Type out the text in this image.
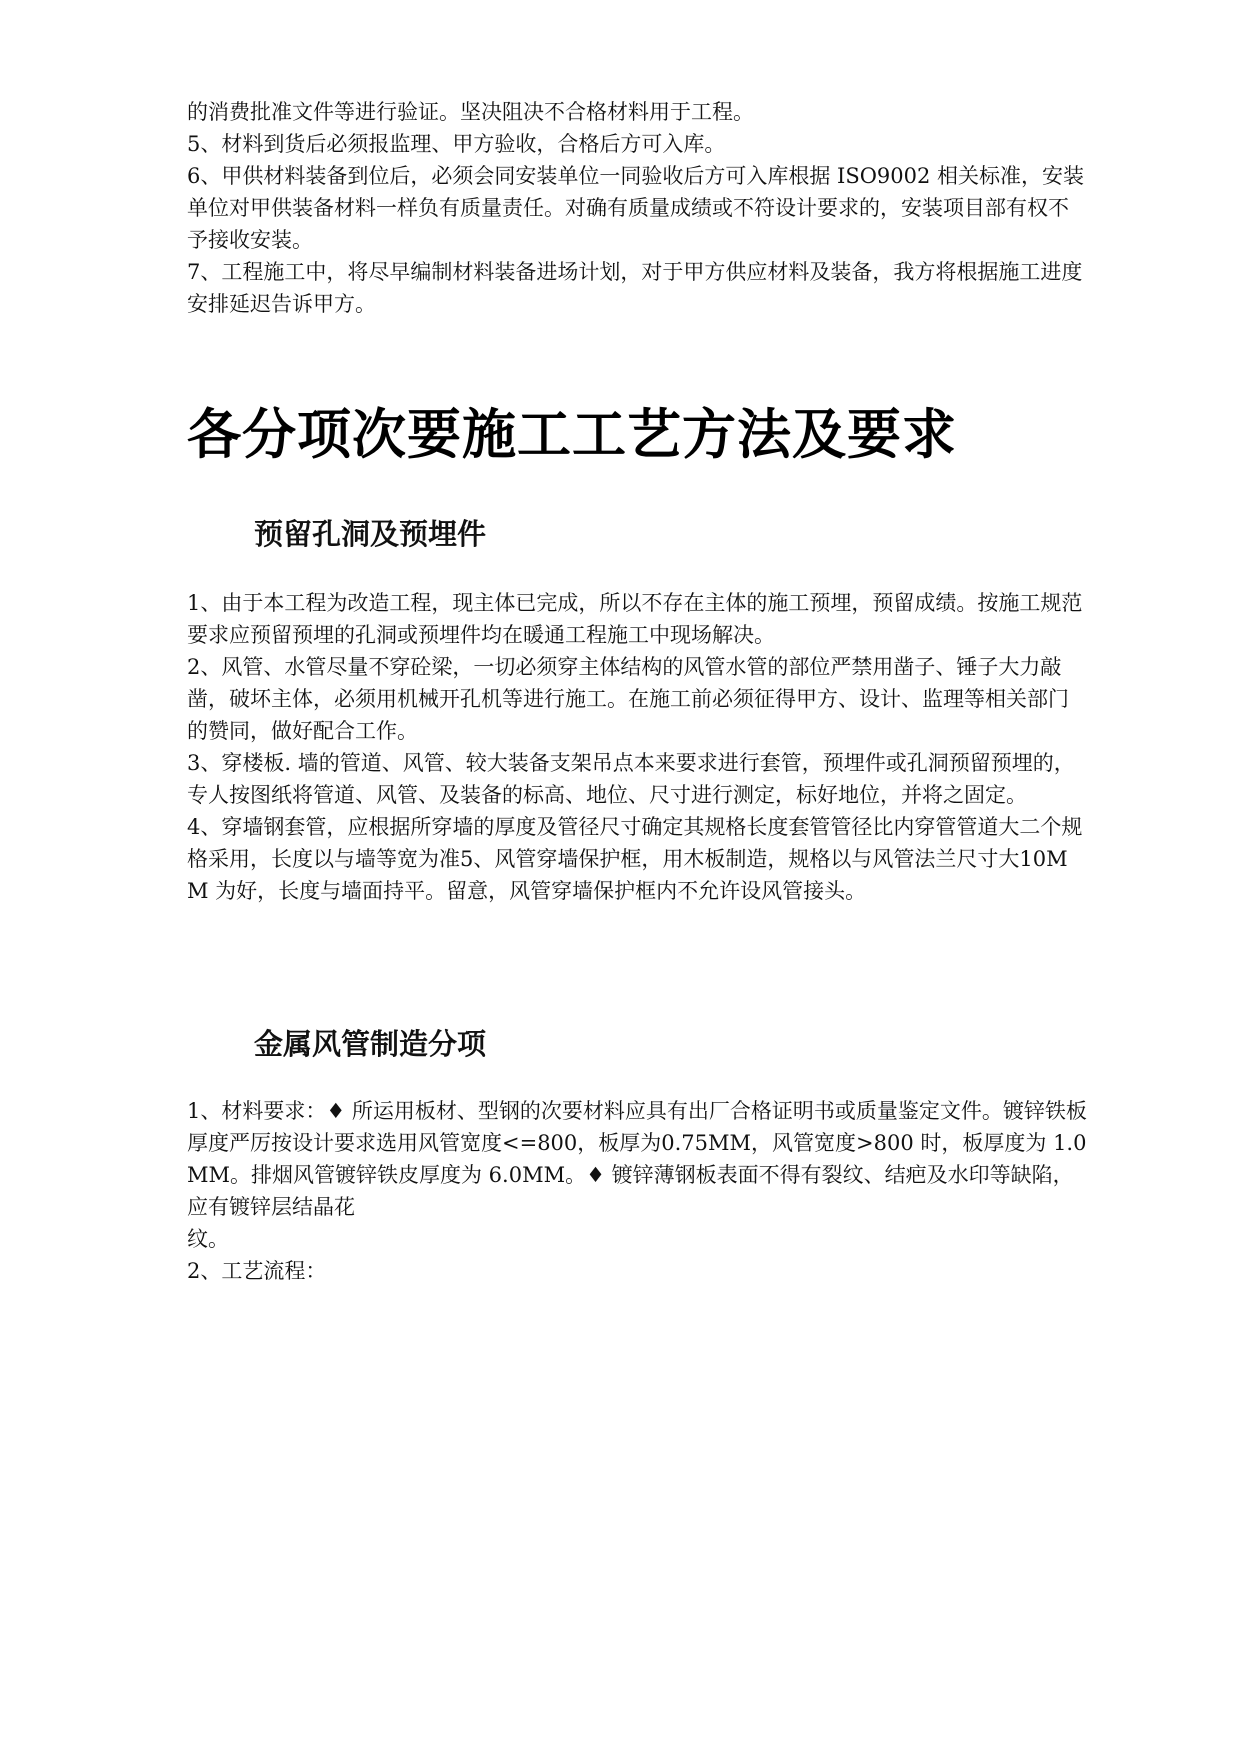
的消费批准文件等进行验证。坚决阻决不合格材料用于工程。

5、材料到货后必须报监理、甲方验收，合格后方可入库。

6、甲供材料装备到位后，必须会同安装单位一同验收后方可入库根据 ISO9002 相关标准，安装单位对甲供装备材料一样负有质量责任。对确有质量成绩或不符设计要求的，安装项目部有权不予接收安装。

7、工程施工中，将尽早编制材料装备进场计划，对于甲方供应材料及装备，我方将根据施工进度安排延迟告诉甲方。

各分项次要施工工艺方法及要求
预留孔洞及预埋件

1、由于本工程为改造工程，现主体已完成，所以不存在主体的施工预埋，预留成绩。按施工规范要求应预留预埋的孔洞或预埋件均在暖通工程施工中现场解决。

2、风管、水管尽量不穿砼梁，一切必须穿主体结构的风管水管的部位严禁用凿子、锤子大力敲凿，破坏主体，必须用机械开孔机等进行施工。在施工前必须征得甲方、设计、监理等相关部门的赞同，做好配合工作。

3、穿楼板. 墙的管道、风管、较大装备支架吊点本来要求进行套管，预埋件或孔洞预留预埋的，专人按图纸将管道、风管、及装备的标高、地位、尺寸进行测定，标好地位，并将之固定。

4、穿墙钢套管，应根据所穿墙的厚度及管径尺寸确定其规格长度套管管径比内穿管管道大二个规格采用，长度以与墙等宽为准5、风管穿墙保护框，用木板制造，规格以与风管法兰尺寸大10MM 为好，长度与墙面持平。留意，风管穿墙保护框内不允许设风管接头。

金属风管制造分项

1、材料要求：♦ 所运用板材、型钢的次要材料应具有出厂合格证明书或质量鉴定文件。镀锌铁板厚度严厉按设计要求选用风管宽度<=800，板厚为0.75MM，风管宽度>800 时，板厚度为 1.0MM。排烟风管镀锌铁皮厚度为 6.0MM。♦ 镀锌薄钢板表面不得有裂纹、结疤及水印等缺陷，应有镀锌层结晶花

纹。

2、工艺流程：
